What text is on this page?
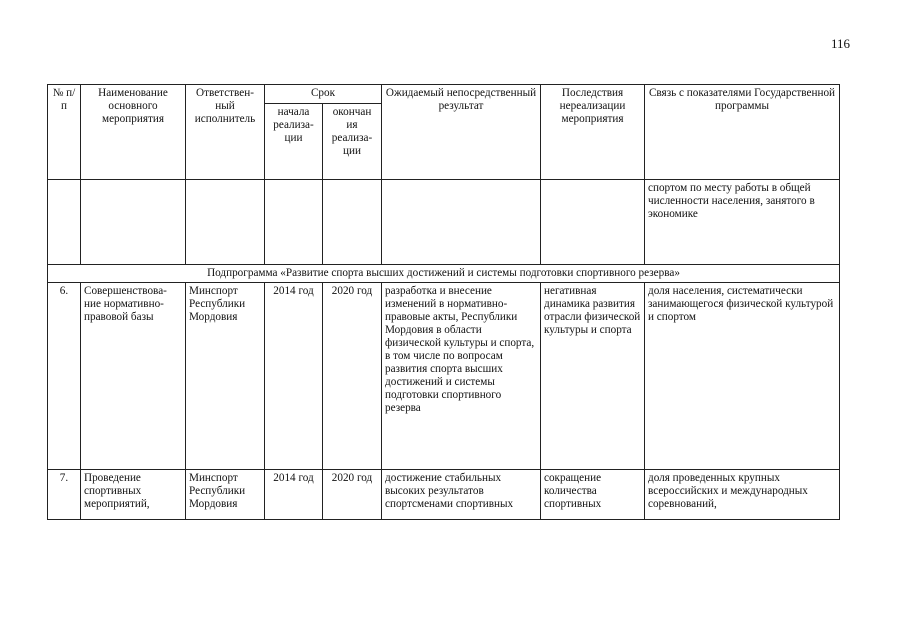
116
№ п/п	Наименование основного мероприятия	Ответствен-ный исполнитель	Срок		Ожидаемый непосредственный результат	Последствия нереализации мероприятия	Связь с показателями Государственной программы
			начала реализа-ции	окончан ия реализа-ции			
							спортом по месту работы в общей численности населения, занятого в экономике
Подпрограмма «Развитие спорта высших достижений и системы подготовки спортивного резерва»							
6.	Совершенствова-ние нормативно-правовой базы	Минспорт Республики Мордовия	2014 год	2020 год	разработка и внесение изменений в нормативно-правовые акты, Республики Мордовия в области физической культуры и спорта, в том числе по вопросам развития спорта высших достижений и системы подготовки спортивного резерва	негативная динамика развития отрасли физической культуры и спорта	доля населения, систематически занимающегося физической культурой и спортом
7.	Проведение спортивных мероприятий,	Минспорт Республики Мордовия	2014 год	2020 год	достижение стабильных высоких результатов спортсменами спортивных	сокращение количества спортивных	доля проведенных крупных всероссийских и международных соревнований,
